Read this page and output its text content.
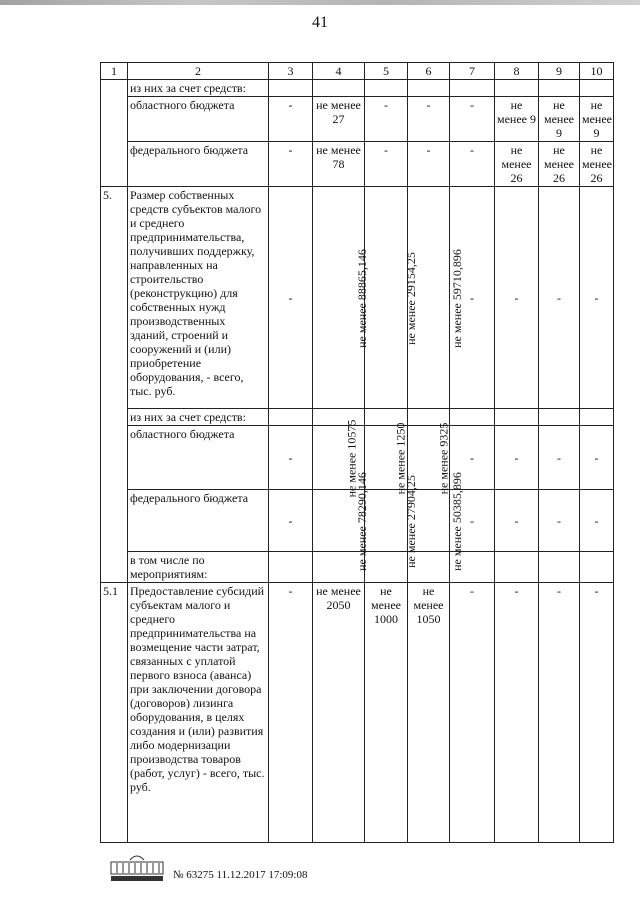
41
1	2	3	4	5	6	7	8	9	10
	из них за счет средств:								
	областного бюджета	-	не менее 27	-	-	-	не менее 9	не менее 9	не менее 9
	федерального бюджета	-	не менее 78	-	-	-	не менее 26	не менее 26	не менее 26
5.	Размер собственных средств субъектов малого и среднего предпринимательства, получивших поддержку, направленных на строительство (реконструкцию) для собственных нужд производственных зданий, строений и сооружений и (или) приобретение оборудования, - всего, тыс. руб.	-	не менее 88865,146	не менее 29154,25	не менее 59710,896	-	-	-	-
	из них за счет средств:								
	областного бюджета	-	не менее 10575	не менее 1250	не менее 9325	-	-	-	-
	федерального бюджета	-	не менее 78290,146	не менее 27904,25	не менее 50385,896	-	-	-	-
	в том числе по мероприятиям:								
5.1	Предоставление субсидий субъектам малого и среднего предпринимательства на возмещение части затрат, связанных с уплатой первого взноса (аванса) при заключении договора (договоров) лизинга оборудования, в целях создания и (или) развития либо модернизации производства товаров (работ, услуг) - всего, тыс. руб.	-	не менее 2050	не менее 1000	не менее 1050	-	-	-	-
№ 63275 11.12.2017 17:09:08
